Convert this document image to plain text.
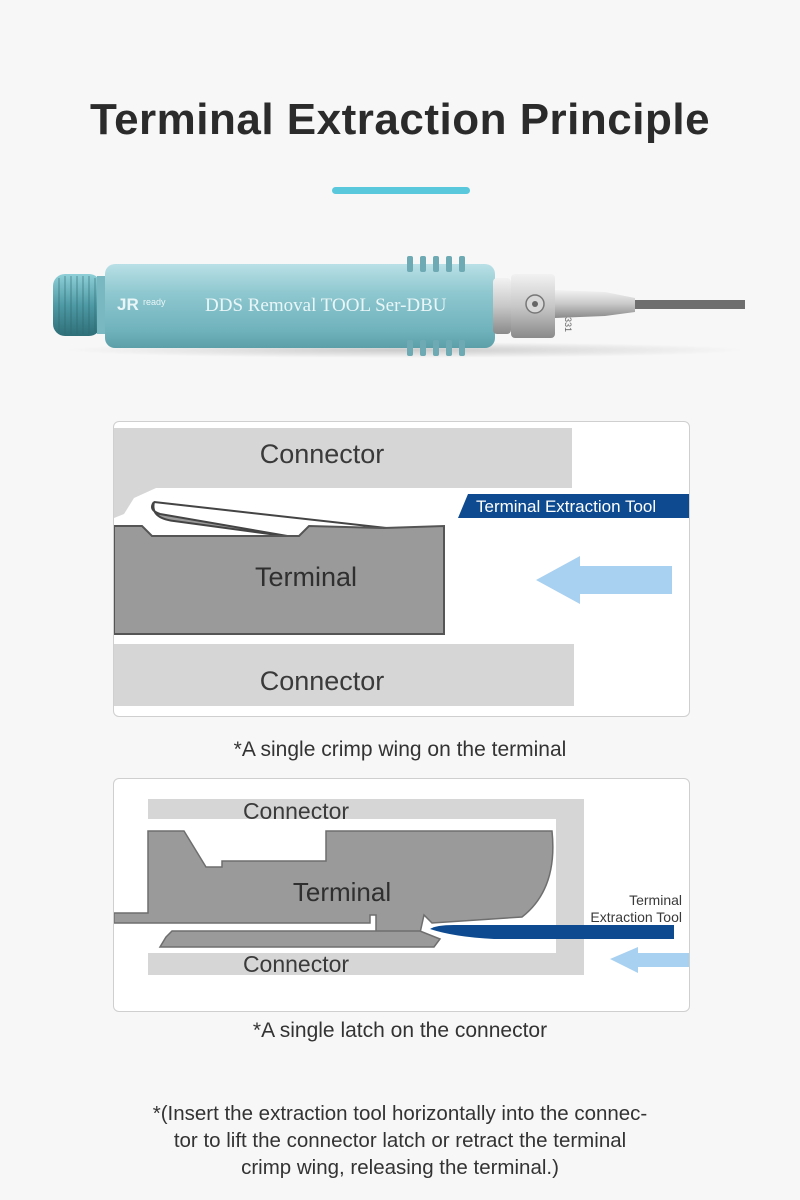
Terminal Extraction Principle
JR ready DDS Removal TOOL Ser-DBU
Connector
Terminal
Terminal Extraction Tool
Connector
*A single crimp wing on the terminal
Connector
Terminal
Connector
Terminal
Extraction Tool
*A single latch on the connector
*(Insert the extraction tool horizontally into the connec-
tor to lift the connector latch or retract the terminal
crimp wing, releasing the terminal.)
